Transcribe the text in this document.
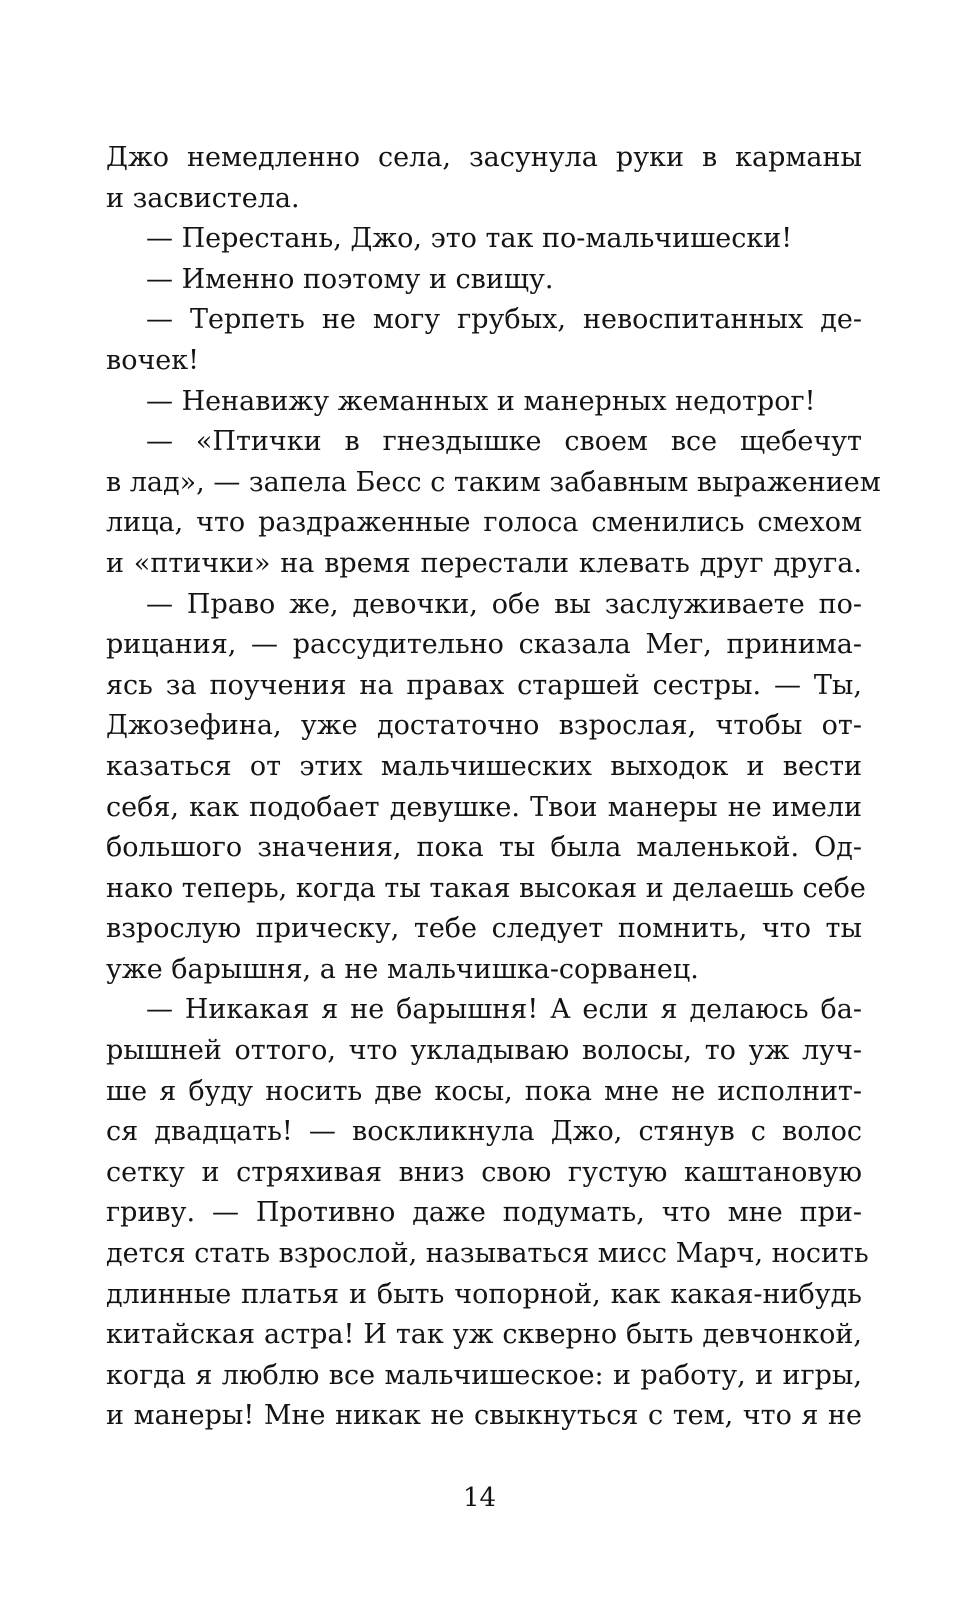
Джо немедленно села, засунула руки в карманы
и засвистела.
— Перестань, Джо, это так по-мальчишески!
— Именно поэтому и свищу.
— Терпеть не могу грубых, невоспитанных де-
вочек!
— Ненавижу жеманных и манерных недотрог!
— «Птички в гнездышке своем все щебечут
в лад», — запела Бесс с таким забавным выражением
лица, что раздраженные голоса сменились смехом
и «птички» на время перестали клевать друг друга.
— Право же, девочки, обе вы заслуживаете по-
рицания, — рассудительно сказала Мег, принима-
ясь за поучения на правах старшей сестры. — Ты,
Джозефина, уже достаточно взрослая, чтобы от-
казаться от этих мальчишеских выходок и вести
себя, как подобает девушке. Твои манеры не имели
большого значения, пока ты была маленькой. Од-
нако теперь, когда ты такая высокая и делаешь себе
взрослую прическу, тебе следует помнить, что ты
уже барышня, а не мальчишка-сорванец.
— Никакая я не барышня! А если я делаюсь ба-
рышней оттого, что укладываю волосы, то уж луч-
ше я буду носить две косы, пока мне не исполнит-
ся двадцать! — воскликнула Джо, стянув с волос
сетку и стряхивая вниз свою густую каштановую
гриву. — Противно даже подумать, что мне при-
дется стать взрослой, называться мисс Марч, носить
длинные платья и быть чопорной, как какая-нибудь
китайская астра! И так уж скверно быть девчонкой,
когда я люблю все мальчишеское: и работу, и игры,
и манеры! Мне никак не свыкнуться с тем, что я не
14
